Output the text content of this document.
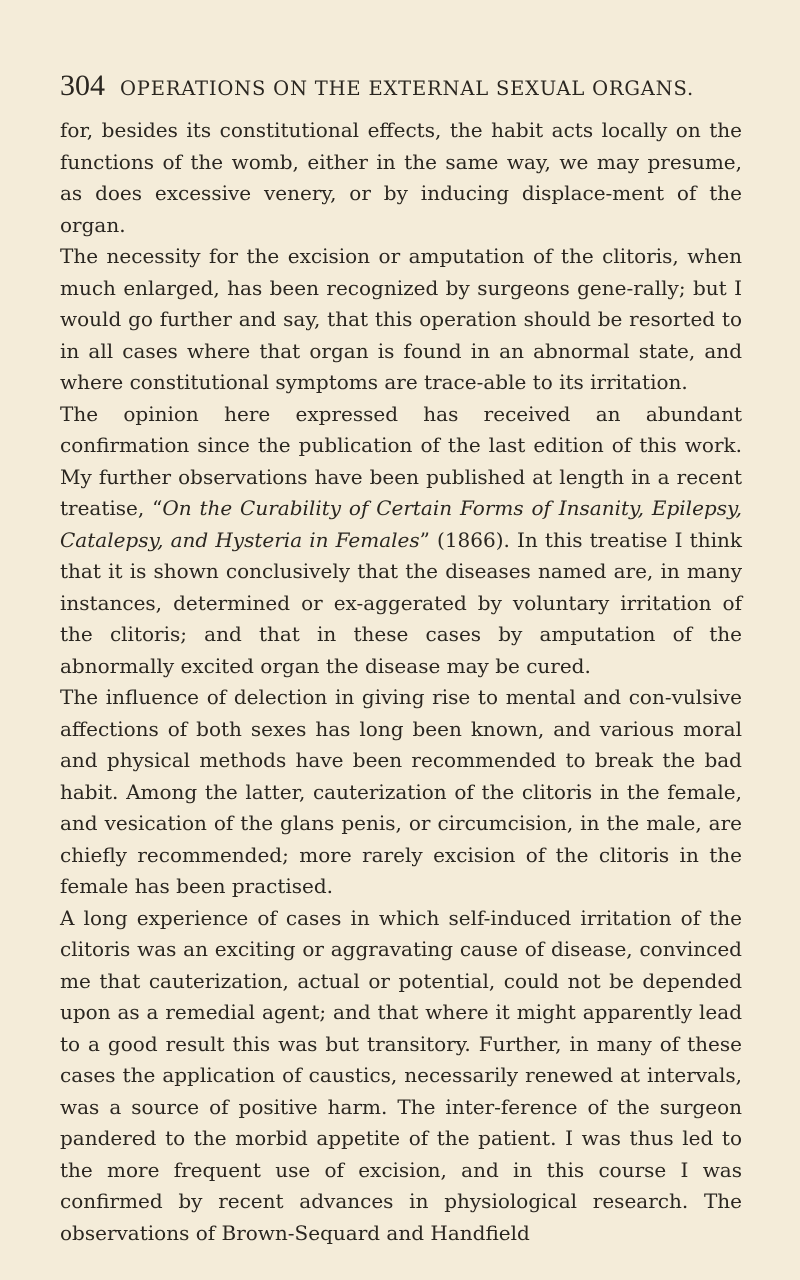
304 OPERATIONS ON THE EXTERNAL SEXUAL ORGANS.

for, besides its constitutional effects, the habit acts locally on the functions of the womb, either in the same way, we may presume, as does excessive venery, or by inducing displace-ment of the organ.

The necessity for the excision or amputation of the clitoris, when much enlarged, has been recognized by surgeons gene-rally; but I would go further and say, that this operation should be resorted to in all cases where that organ is found in an abnormal state, and where constitutional symptoms are trace-able to its irritation.

The opinion here expressed has received an abundant confirmation since the publication of the last edition of this work. My further observations have been published at length in a recent treatise, “On the Curability of Certain Forms of Insanity, Epilepsy, Catalepsy, and Hysteria in Females” (1866). In this treatise I think that it is shown conclusively that the diseases named are, in many instances, determined or ex-aggerated by voluntary irritation of the clitoris; and that in these cases by amputation of the abnormally excited organ the disease may be cured.

The influence of delection in giving rise to mental and con-vulsive affections of both sexes has long been known, and various moral and physical methods have been recommended to break the bad habit. Among the latter, cauterization of the clitoris in the female, and vesication of the glans penis, or circumcision, in the male, are chiefly recommended; more rarely excision of the clitoris in the female has been practised.

A long experience of cases in which self-induced irritation of the clitoris was an exciting or aggravating cause of disease, convinced me that cauterization, actual or potential, could not be depended upon as a remedial agent; and that where it might apparently lead to a good result this was but transitory. Further, in many of these cases the application of caustics, necessarily renewed at intervals, was a source of positive harm. The inter-ference of the surgeon pandered to the morbid appetite of the patient. I was thus led to the more frequent use of excision, and in this course I was confirmed by recent advances in physiological research. The observations of Brown-Sequard and Handfield
